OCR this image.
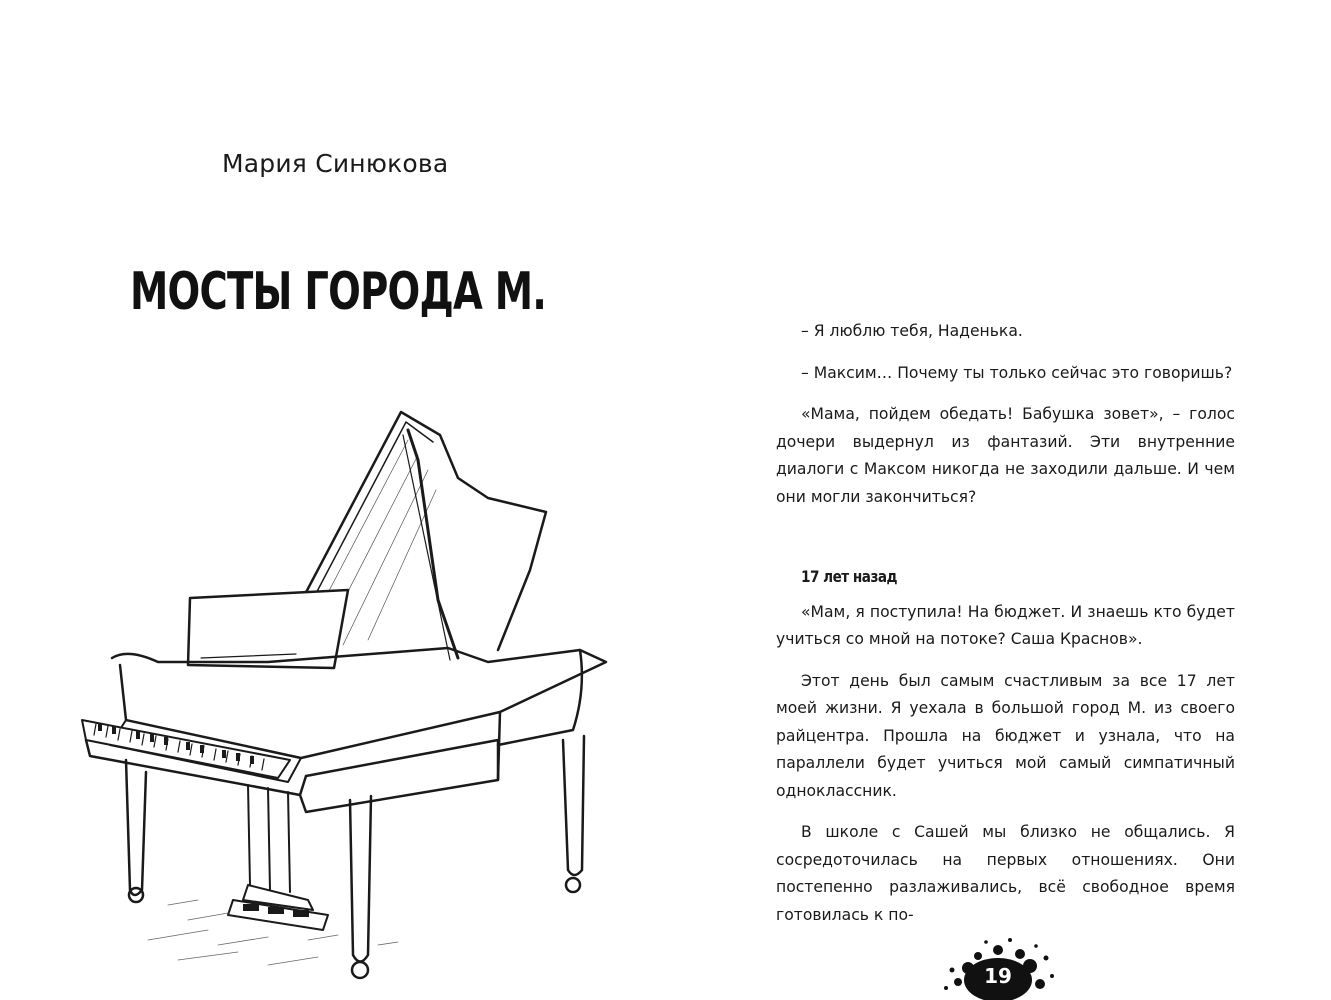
Мария Синюкова
МОСТЫ ГОРОДА М.

– Я люблю тебя, Наденька.

– Максим… Почему ты только сейчас это говоришь?

«Мама, пойдем обедать! Бабушка зовет», – голос дочери выдернул из фантазий. Эти внутренние диалоги с Максом никогда не заходили дальше. И чем они могли закончиться?

17 лет назад

«Мам, я поступила! На бюджет. И знаешь кто будет учиться со мной на потоке? Саша Краснов».

Этот день был самым счастливым за все 17 лет моей жизни. Я уехала в большой город М. из своего райцентра. Прошла на бюджет и узнала, что на параллели будет учиться мой самый симпатичный одноклассник.

В школе с Сашей мы близко не общались. Я сосредоточилась на первых отношениях. Они постепенно разлаживались, всё свободное время готовилась к по-

19
